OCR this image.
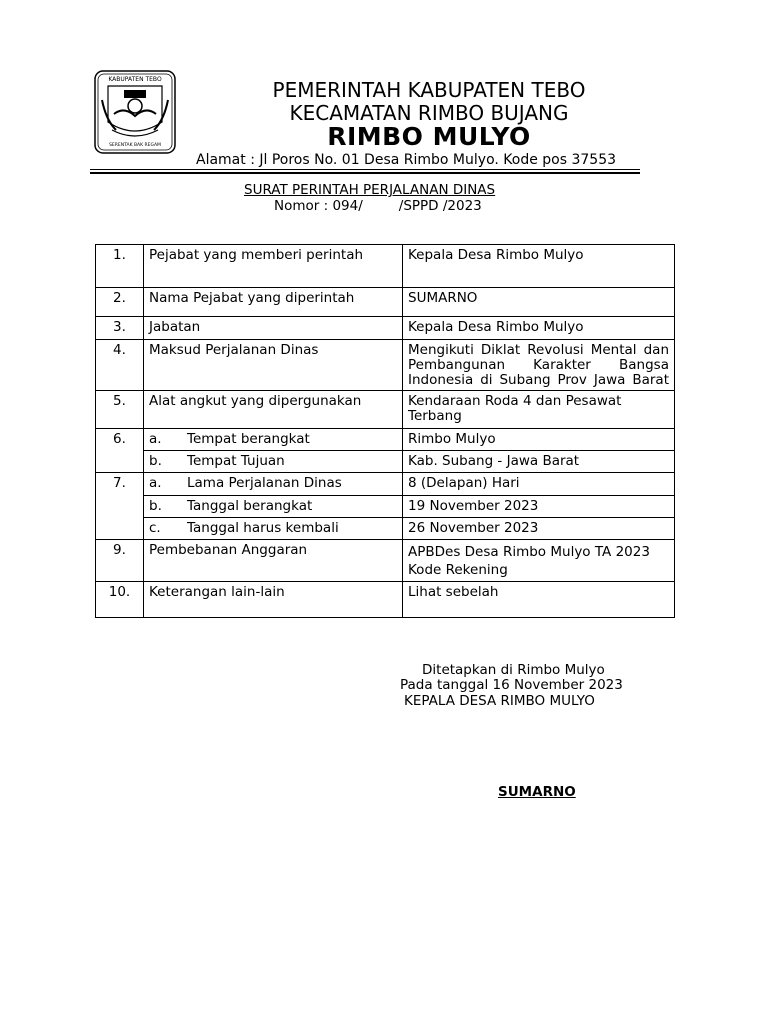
KABUPATEN TEBO
SERENTAK BAK REGAM
PEMERINTAH KABUPATEN TEBO
KECAMATAN RIMBO BUJANG
RIMBO MULYO
Alamat : Jl Poros No. 01 Desa Rimbo Mulyo. Kode pos 37553
SURAT PERINTAH PERJALANAN DINAS
Nomor : 094/	/SPPD /2023
1.	Pejabat yang memberi perintah	Kepala Desa Rimbo Mulyo
2.	Nama Pejabat yang diperintah	SUMARNO
3.	Jabatan	Kepala Desa Rimbo Mulyo
4.	Maksud Perjalanan Dinas	Mengikuti Diklat Revolusi Mental dan
Pembangunan Karakter Bangsa
Indonesia di Subang Prov Jawa Barat

5.	Alat angkut yang dipergunakan	Kendaraan Roda 4 dan Pesawat Terbang
6.	a. Tempat berangkat	Rimbo Mulyo
	b. Tempat Tujuan	Kab. Subang - Jawa Barat
7.	a. Lama Perjalanan Dinas	8 (Delapan) Hari
	b. Tanggal berangkat	19 November 2023
	c. Tanggal harus kembali	26 November 2023
9.	Pembebanan Anggaran	APBDes Desa Rimbo Mulyo TA 2023
Kode Rekening

10.	Keterangan lain-lain	Lihat sebelah
Ditetapkan di Rimbo Mulyo
Pada tanggal 16 November 2023
KEPALA DESA RIMBO MULYO
SUMARNO
